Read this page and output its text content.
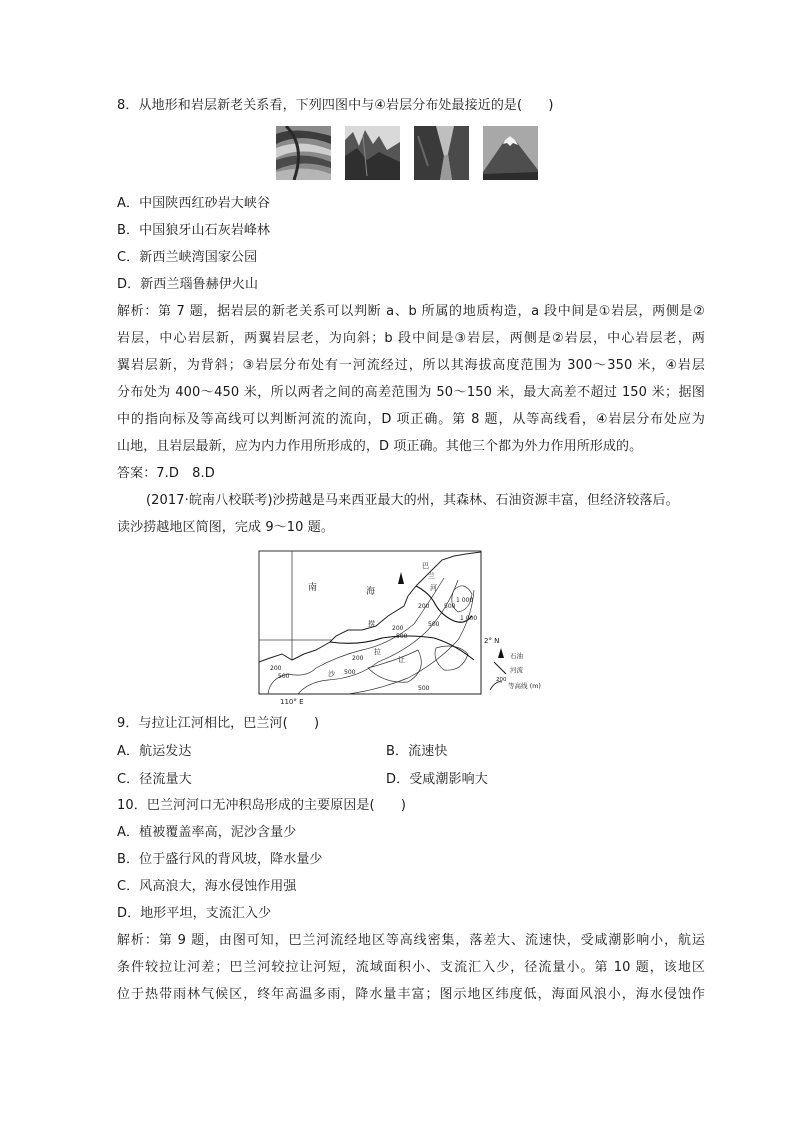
8．从地形和岩层新老关系看，下列四图中与④岩层分布处最接近的是(　　)
A．中国陕西红砂岩大峡谷
B．中国狼牙山石灰岩峰林
C．新西兰峡湾国家公园
D．新西兰瑙鲁赫伊火山
解析：第 7 题，据岩层的新老关系可以判断 a、b 所属的地质构造，a 段中间是①岩层，两侧是②
岩层，中心岩层新，两翼岩层老，为向斜；b 段中间是③岩层，两侧是②岩层，中心岩层老，两
翼岩层新，为背斜；③岩层分布处有一河流经过，所以其海拔高度范围为 300～350 米，④岩层
分布处为 400～450 米，所以两者之间的高差范围为 50～150 米，最大高差不超过 150 米；据图
中的指向标及等高线可以判断河流的流向，D 项正确。第 8 题，从等高线看，④岩层分布处应为
山地，且岩层最新，应为内力作用所形成的，D 项正确。其他三个都为外力作用所形成的。
答案：7.D　8.D
(2017·皖南八校联考)沙捞越是马来西亚最大的州，其森林、石油资源丰富，但经济较落后。
读沙捞越地区简图，完成 9～10 题。
南	海
巴
兰
河
捞
拉
让
沙
200 500
1 000
200
500
500
1 000
200
500
200
500
500
2° N
110° E
石油
河流
200
等高线 (m)
9．与拉让江河相比，巴兰河(　　)
A．航运发达	B．流速快
C．径流量大	D．受咸潮影响大
10．巴兰河河口无冲积岛形成的主要原因是(　　)
A．植被覆盖率高，泥沙含量少
B．位于盛行风的背风坡，降水量少
C．风高浪大，海水侵蚀作用强
D．地形平坦，支流汇入少
解析：第 9 题，由图可知，巴兰河流经地区等高线密集，落差大、流速快，受咸潮影响小，航运
条件较拉让河差；巴兰河较拉让河短，流域面积小、支流汇入少，径流量小。第 10 题，该地区
位于热带雨林气候区，终年高温多雨，降水量丰富；图示地区纬度低，海面风浪小，海水侵蚀作
